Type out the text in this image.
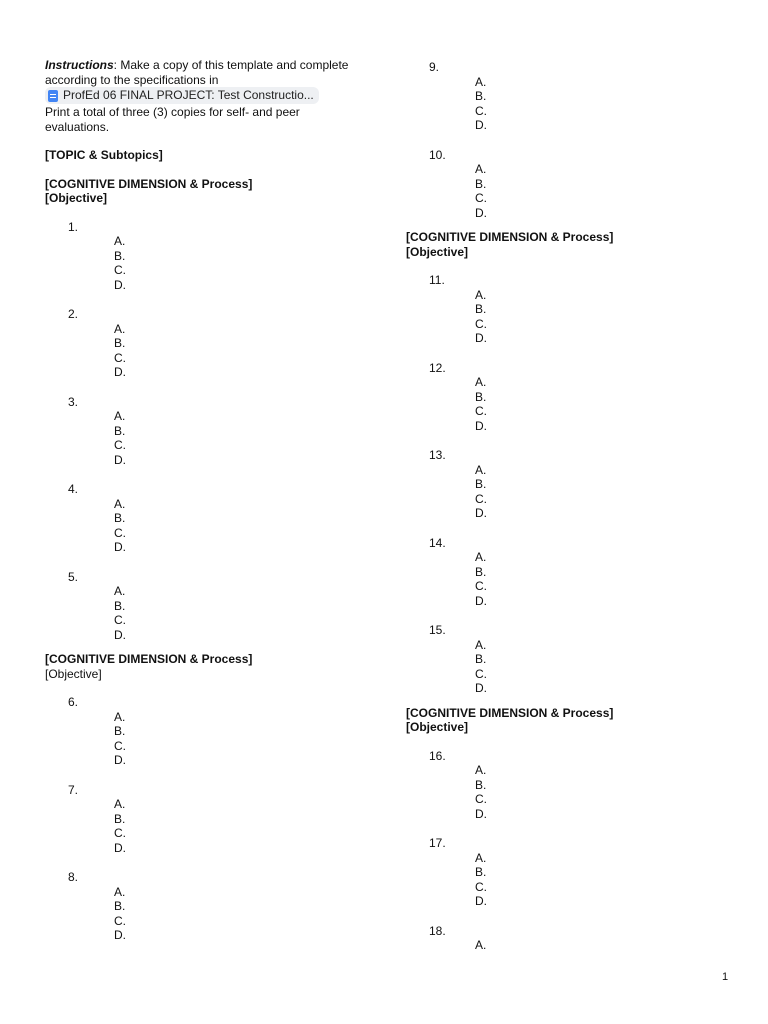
Instructions: Make a copy of this template and complete according to the specifications in

ProfEd 06 FINAL PROJECT: Test Constructio...

Print a total of three (3) copies for self- and peer evaluations.

[TOPIC & Subtopics]
[COGNITIVE DIMENSION & Process]
[Objective]
1.
A.
B.
C.
D.
2.
A.
B.
C.
D.
3.
A.
B.
C.
D.
4.
A.
B.
C.
D.
5.
A.
B.
C.
D.
[COGNITIVE DIMENSION & Process]
[Objective]
6.
A.
B.
C.
D.
7.
A.
B.
C.
D.
8.
A.
B.
C.
D.
9.
A.
B.
C.
D.
10.
A.
B.
C.
D.
[COGNITIVE DIMENSION & Process]
[Objective]
11.
A.
B.
C.
D.
12.
A.
B.
C.
D.
13.
A.
B.
C.
D.
14.
A.
B.
C.
D.
15.
A.
B.
C.
D.
[COGNITIVE DIMENSION & Process]
[Objective]
16.
A.
B.
C.
D.
17.
A.
B.
C.
D.
18.
A.
1
